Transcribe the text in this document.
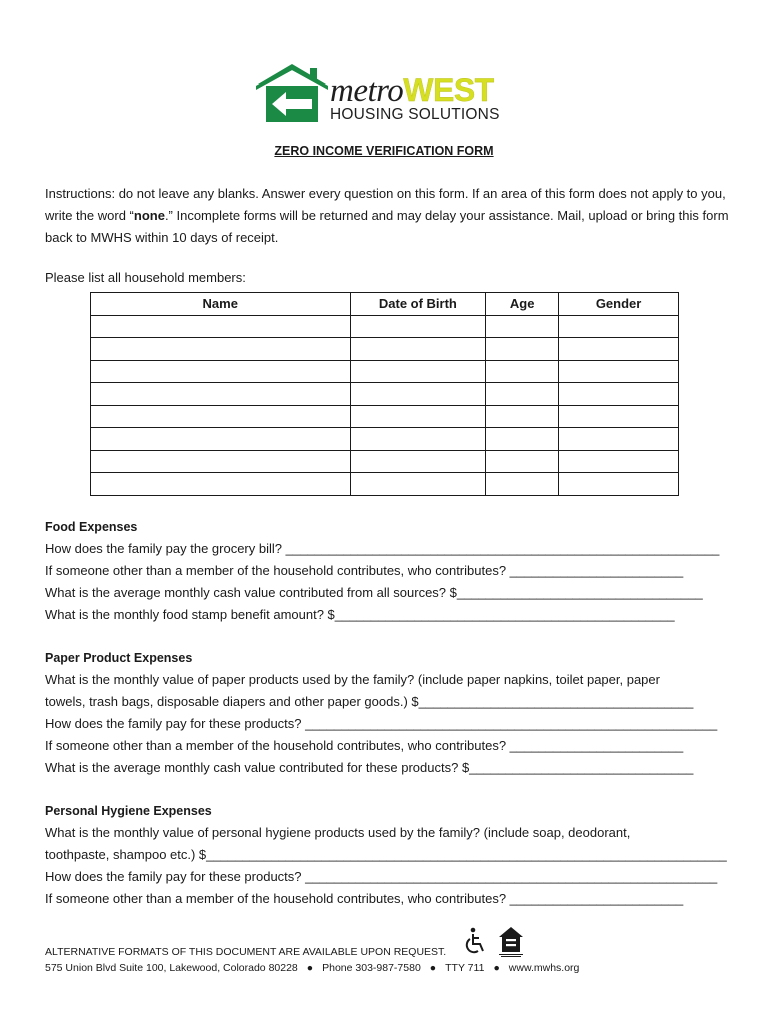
metroWEST
HOUSING SOLUTIONS
ZERO INCOME VERIFICATION FORM
Instructions: do not leave any blanks. Answer every question on this form. If an area of this form does not apply to you, write the word “none.” Incomplete forms will be returned and may delay your assistance. Mail, upload or bring this form back to MWHS within 10 days of receipt.
Please list all household members:
Name	Date of Birth	Age	Gender

Food Expenses
How does the family pay the grocery bill? ____________________________________________________________
If someone other than a member of the household contributes, who contributes? ________________________
What is the average monthly cash value contributed from all sources? $__________________________________
What is the monthly food stamp benefit amount? $_______________________________________________
Paper Product Expenses
What is the monthly value of paper products used by the family? (include paper napkins, toilet paper, paper
towels, trash bags, disposable diapers and other paper goods.) $______________________________________
How does the family pay for these products? _________________________________________________________
If someone other than a member of the household contributes, who contributes? ________________________
What is the average monthly cash value contributed for these products? $_______________________________
Personal Hygiene Expenses
What is the monthly value of personal hygiene products used by the family? (include soap, deodorant,
toothpaste, shampoo etc.) $________________________________________________________________________
How does the family pay for these products? _________________________________________________________
If someone other than a member of the household contributes, who contributes? ________________________
ALTERNATIVE FORMATS OF THIS DOCUMENT ARE AVAILABLE UPON REQUEST.
575 Union Blvd Suite 100, Lakewood, Colorado 80228 ● Phone 303-987-7580 ● TTY 711 ● www.mwhs.org
